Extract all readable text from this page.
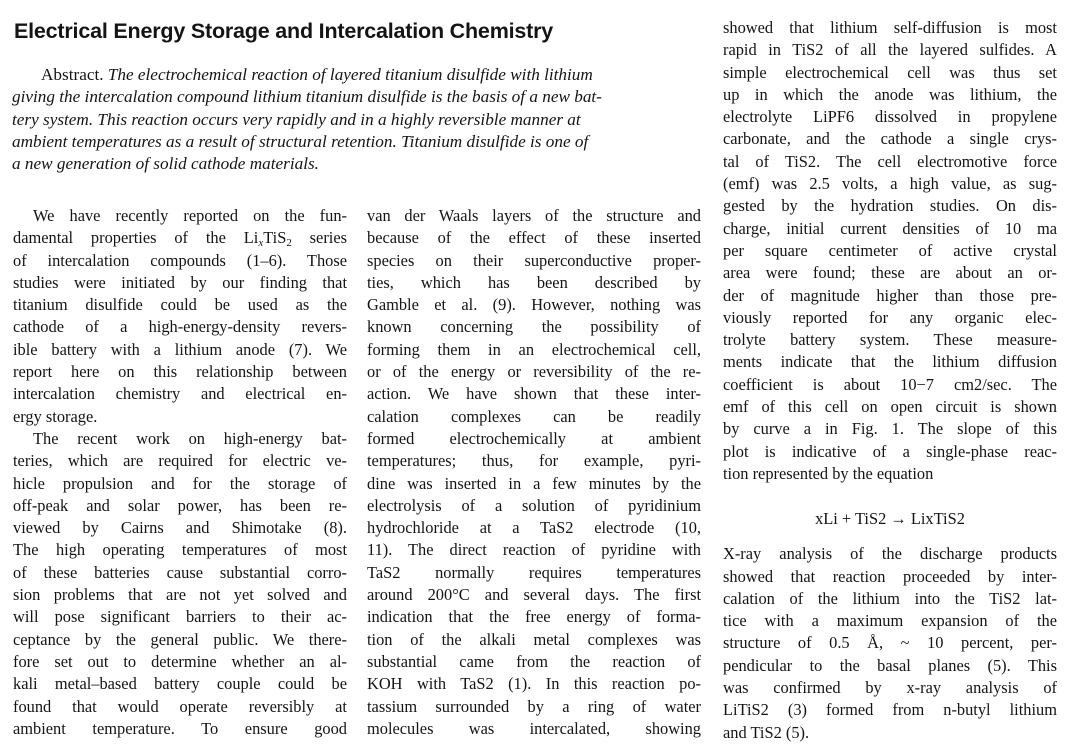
Electrical Energy Storage and Intercalation Chemistry
Abstract. The electrochemical reaction of layered titanium disulfide with lithium
giving the intercalation compound lithium titanium disulfide is the basis of a new bat-
tery system. This reaction occurs very rapidly and in a highly reversible manner at
ambient temperatures as a result of structural retention. Titanium disulfide is one of
a new generation of solid cathode materials.
We have recently reported on the fun-
damental properties of the $Li_xTiS_2$ series
of intercalation compounds (1–6). Those
studies were initiated by our finding that
titanium disulfide could be used as the
cathode of a high-energy-density revers-
ible battery with a lithium anode (7). We
report here on this relationship between
intercalation chemistry and electrical en-
ergy storage.
The recent work on high-energy bat-
teries, which are required for electric ve-
hicle propulsion and for the storage of
off-peak and solar power, has been re-
viewed by Cairns and Shimotake (8).
The high operating temperatures of most
of these batteries cause substantial corro-
sion problems that are not yet solved and
will pose significant barriers to their ac-
ceptance by the general public. We there-
fore set out to determine whether an al-
kali metal–based battery couple could be
found that would operate reversibly at
ambient temperature. To ensure good
van der Waals layers of the structure and
because of the effect of these inserted
species on their superconductive proper-
ties, which has been described by
Gamble et al. (9). However, nothing was
known concerning the possibility of
forming them in an electrochemical cell,
or of the energy or reversibility of the re-
action. We have shown that these inter-
calation complexes can be readily
formed electrochemically at ambient
temperatures; thus, for example, pyri-
dine was inserted in a few minutes by the
electrolysis of a solution of pyridinium
hydrochloride at a TaS2 electrode (10,
11). The direct reaction of pyridine with
TaS2 normally requires temperatures
around 200°C and several days. The first
indication that the free energy of forma-
tion of the alkali metal complexes was
substantial came from the reaction of
KOH with TaS2 (1). In this reaction po-
tassium surrounded by a ring of water
molecules was intercalated, showing
showed that lithium self-diffusion is most
rapid in TiS2 of all the layered sulfides. A
simple electrochemical cell was thus set
up in which the anode was lithium, the
electrolyte LiPF6 dissolved in propylene
carbonate, and the cathode a single crys-
tal of TiS2. The cell electromotive force
(emf) was 2.5 volts, a high value, as sug-
gested by the hydration studies. On dis-
charge, initial current densities of 10 ma
per square centimeter of active crystal
area were found; these are about an or-
der of magnitude higher than those pre-
viously reported for any organic elec-
trolyte battery system. These measure-
ments indicate that the lithium diffusion
coefficient is about 10−7 cm2/sec. The
emf of this cell on open circuit is shown
by curve a in Fig. 1. The slope of this
plot is indicative of a single-phase reac-
tion represented by the equation
xLi + TiS2 → LixTiS2
X-ray analysis of the discharge products
showed that reaction proceeded by inter-
calation of the lithium into the TiS2 lat-
tice with a maximum expansion of the
structure of 0.5 Å, ~ 10 percent, per-
pendicular to the basal planes (5). This
was confirmed by x-ray analysis of
LiTiS2 (3) formed from n-butyl lithium
and TiS2 (5).
